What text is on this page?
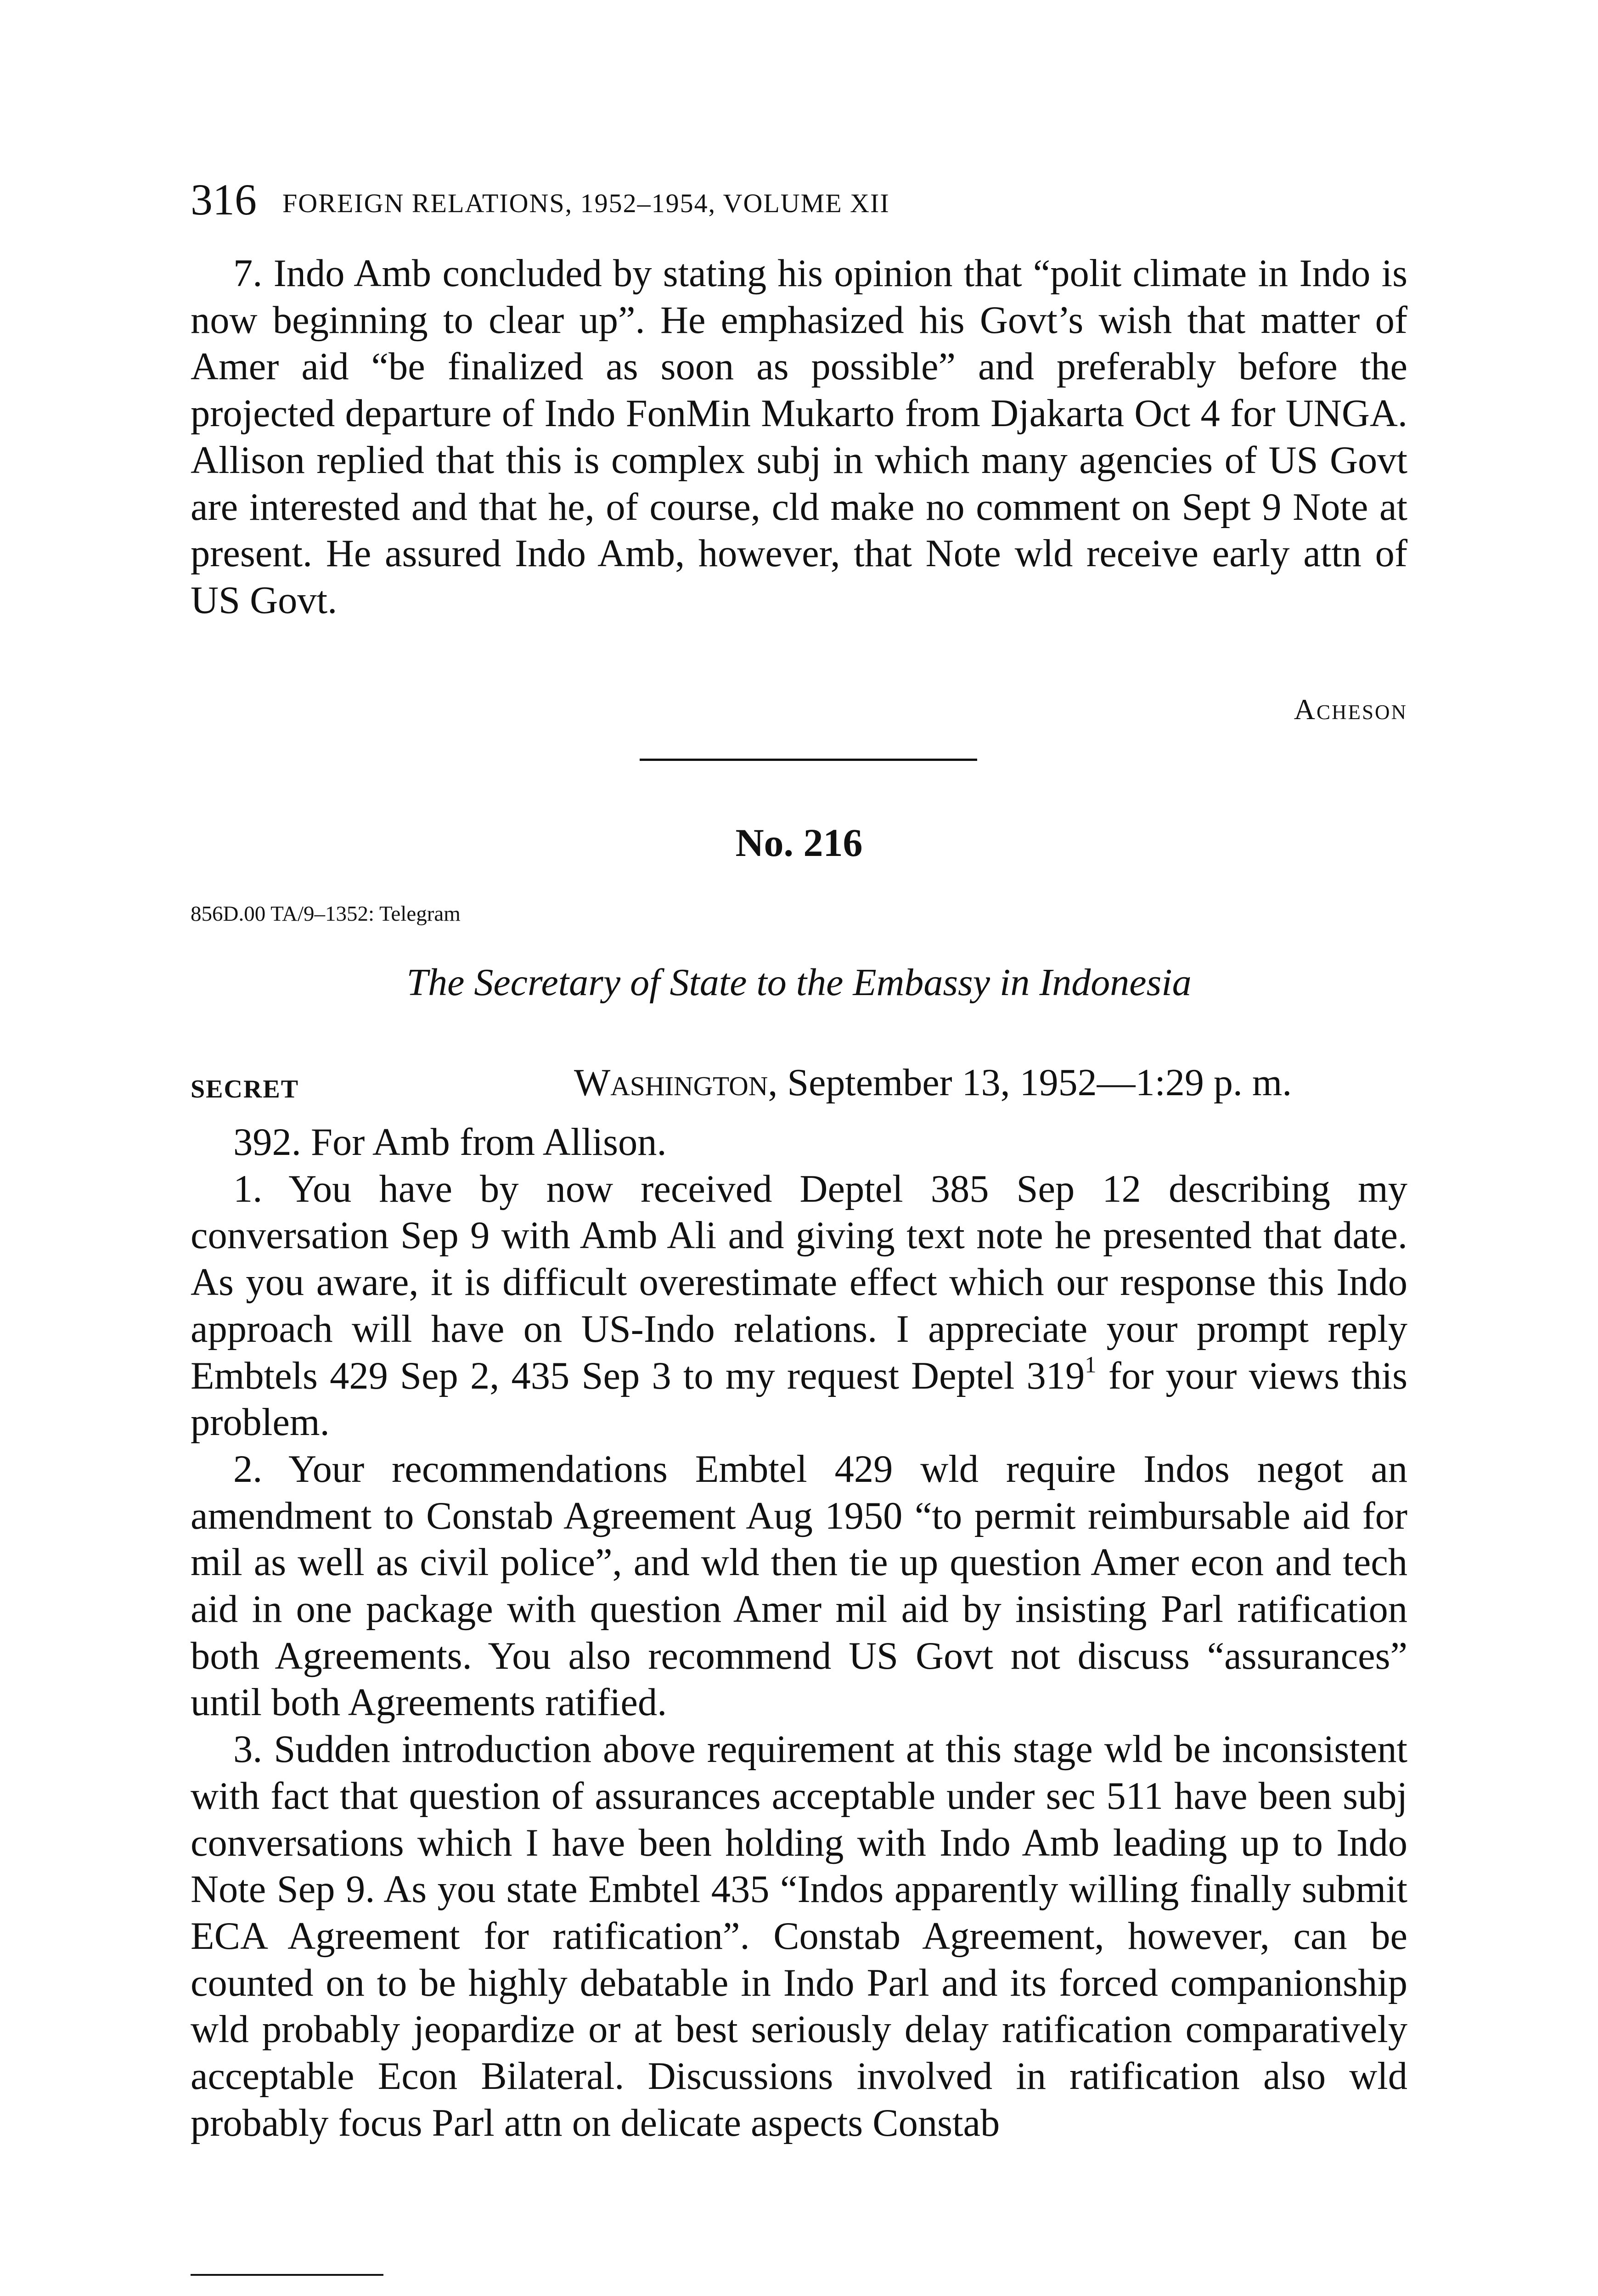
316 FOREIGN RELATIONS, 1952–1954, VOLUME XII

7. Indo Amb concluded by stating his opinion that “polit climate in Indo is now beginning to clear up”. He emphasized his Govt’s wish that matter of Amer aid “be finalized as soon as possible” and preferably before the projected departure of Indo FonMin Mukarto from Djakarta Oct 4 for UNGA. Allison replied that this is complex subj in which many agencies of US Govt are interested and that he, of course, cld make no comment on Sept 9 Note at present. He assured Indo Amb, however, that Note wld receive early attn of US Govt.

Acheson
No. 216
856D.00 TA/9–1352: Telegram
The Secretary of State to the Embassy in Indonesia
SECRET	Washington, September 13, 1952—1:29 p. m.

392. For Amb from Allison.

1. You have by now received Deptel 385 Sep 12 describing my conversation Sep 9 with Amb Ali and giving text note he presented that date. As you aware, it is difficult overestimate effect which our response this Indo approach will have on US-Indo relations. I appreciate your prompt reply Embtels 429 Sep 2, 435 Sep 3 to my request Deptel $319^1$ for your views this problem.

2. Your recommendations Embtel 429 wld require Indos negot an amendment to Constab Agreement Aug 1950 “to permit reimbursable aid for mil as well as civil police”, and wld then tie up question Amer econ and tech aid in one package with question Amer mil aid by insisting Parl ratification both Agreements. You also recommend US Govt not discuss “assurances” until both Agreements ratified.

3. Sudden introduction above requirement at this stage wld be inconsistent with fact that question of assurances acceptable under sec 511 have been subj conversations which I have been holding with Indo Amb leading up to Indo Note Sep 9. As you state Embtel 435 “Indos apparently willing finally submit ECA Agreement for ratification”. Constab Agreement, however, can be counted on to be highly debatable in Indo Parl and its forced companionship wld probably jeopardize or at best seriously delay ratification comparatively acceptable Econ Bilateral. Discussions involved in ratification also wld probably focus Parl attn on delicate aspects Constab
